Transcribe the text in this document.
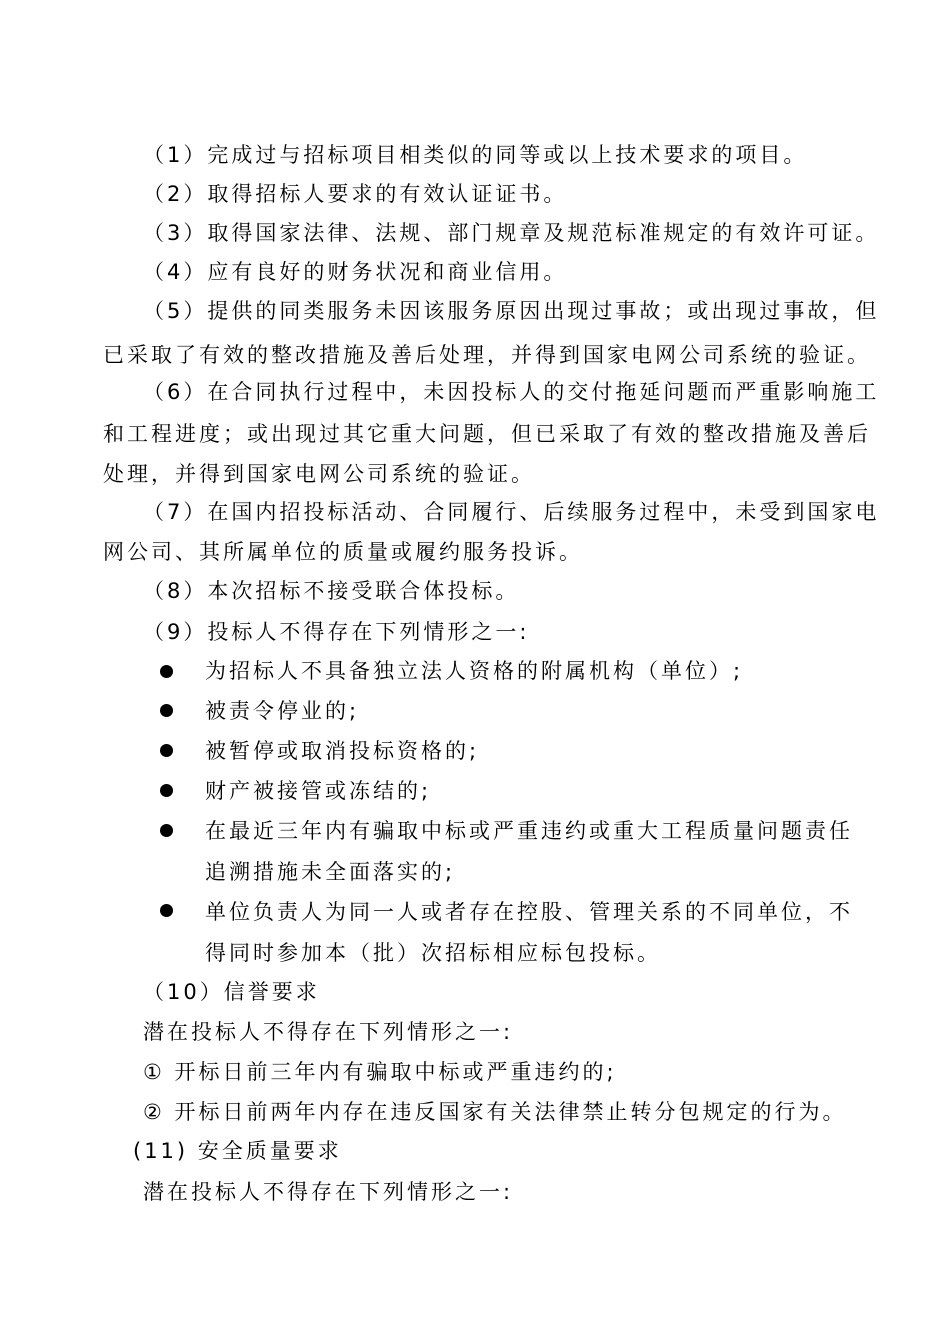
（1）完成过与招标项目相类似的同等或以上技术要求的项目。
（2）取得招标人要求的有效认证证书。
（3）取得国家法律、法规、部门规章及规范标准规定的有效许可证。
（4）应有良好的财务状况和商业信用。
（5）提供的同类服务未因该服务原因出现过事故；或出现过事故，但
已采取了有效的整改措施及善后处理，并得到国家电网公司系统的验证。
（6）在合同执行过程中，未因投标人的交付拖延问题而严重影响施工
和工程进度；或出现过其它重大问题，但已采取了有效的整改措施及善后
处理，并得到国家电网公司系统的验证。
（7）在国内招投标活动、合同履行、后续服务过程中，未受到国家电
网公司、其所属单位的质量或履约服务投诉。
（8）本次招标不接受联合体投标。
（9）投标人不得存在下列情形之一:
为招标人不具备独立法人资格的附属机构（单位）;
被责令停业的;
被暂停或取消投标资格的;
财产被接管或冻结的;
在最近三年内有骗取中标或严重违约或重大工程质量问题责任
追溯措施未全面落实的;
单位负责人为同一人或者存在控股、管理关系的不同单位，不
得同时参加本（批）次招标相应标包投标。
（10）信誉要求
潜在投标人不得存在下列情形之一:
① 开标日前三年内有骗取中标或严重违约的;
② 开标日前两年内存在违反国家有关法律禁止转分包规定的行为。
(11) 安全质量要求
潜在投标人不得存在下列情形之一:
